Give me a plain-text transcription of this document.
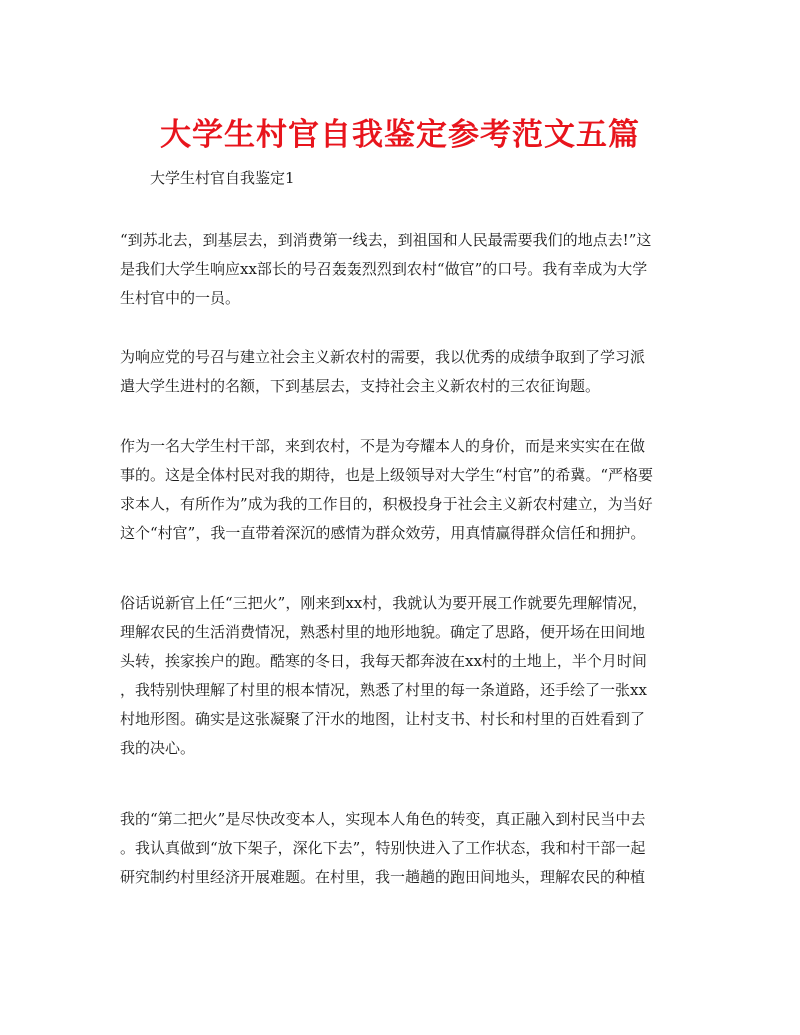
大学生村官自我鉴定参考范文五篇

大学生村官自我鉴定1

“到苏北去，到基层去，到消费第一线去，到祖国和人民最需要我们的地点去!”这
是我们大学生响应xx部长的号召轰轰烈烈到农村“做官”的口号。我有幸成为大学
生村官中的一员。
为响应党的号召与建立社会主义新农村的需要，我以优秀的成绩争取到了学习派
遣大学生进村的名额，下到基层去，支持社会主义新农村的三农征询题。
作为一名大学生村干部，来到农村，不是为夸耀本人的身价，而是来实实在在做
事的。这是全体村民对我的期待，也是上级领导对大学生“村官”的希冀。“严格要
求本人，有所作为”成为我的工作目的，积极投身于社会主义新农村建立，为当好
这个“村官”，我一直带着深沉的感情为群众效劳，用真情赢得群众信任和拥护。
俗话说新官上任“三把火”，刚来到xx村，我就认为要开展工作就要先理解情况，
理解农民的生活消费情况，熟悉村里的地形地貌。确定了思路，便开场在田间地
头转，挨家挨户的跑。酷寒的冬日，我每天都奔波在xx村的土地上，半个月时间
，我特别快理解了村里的根本情况，熟悉了村里的每一条道路，还手绘了一张xx
村地形图。确实是这张凝聚了汗水的地图，让村支书、村长和村里的百姓看到了
我的决心。
我的“第二把火”是尽快改变本人，实现本人角色的转变，真正融入到村民当中去
。我认真做到“放下架子，深化下去”，特别快进入了工作状态，我和村干部一起
研究制约村里经济开展难题。在村里，我一趟趟的跑田间地头，理解农民的种植
